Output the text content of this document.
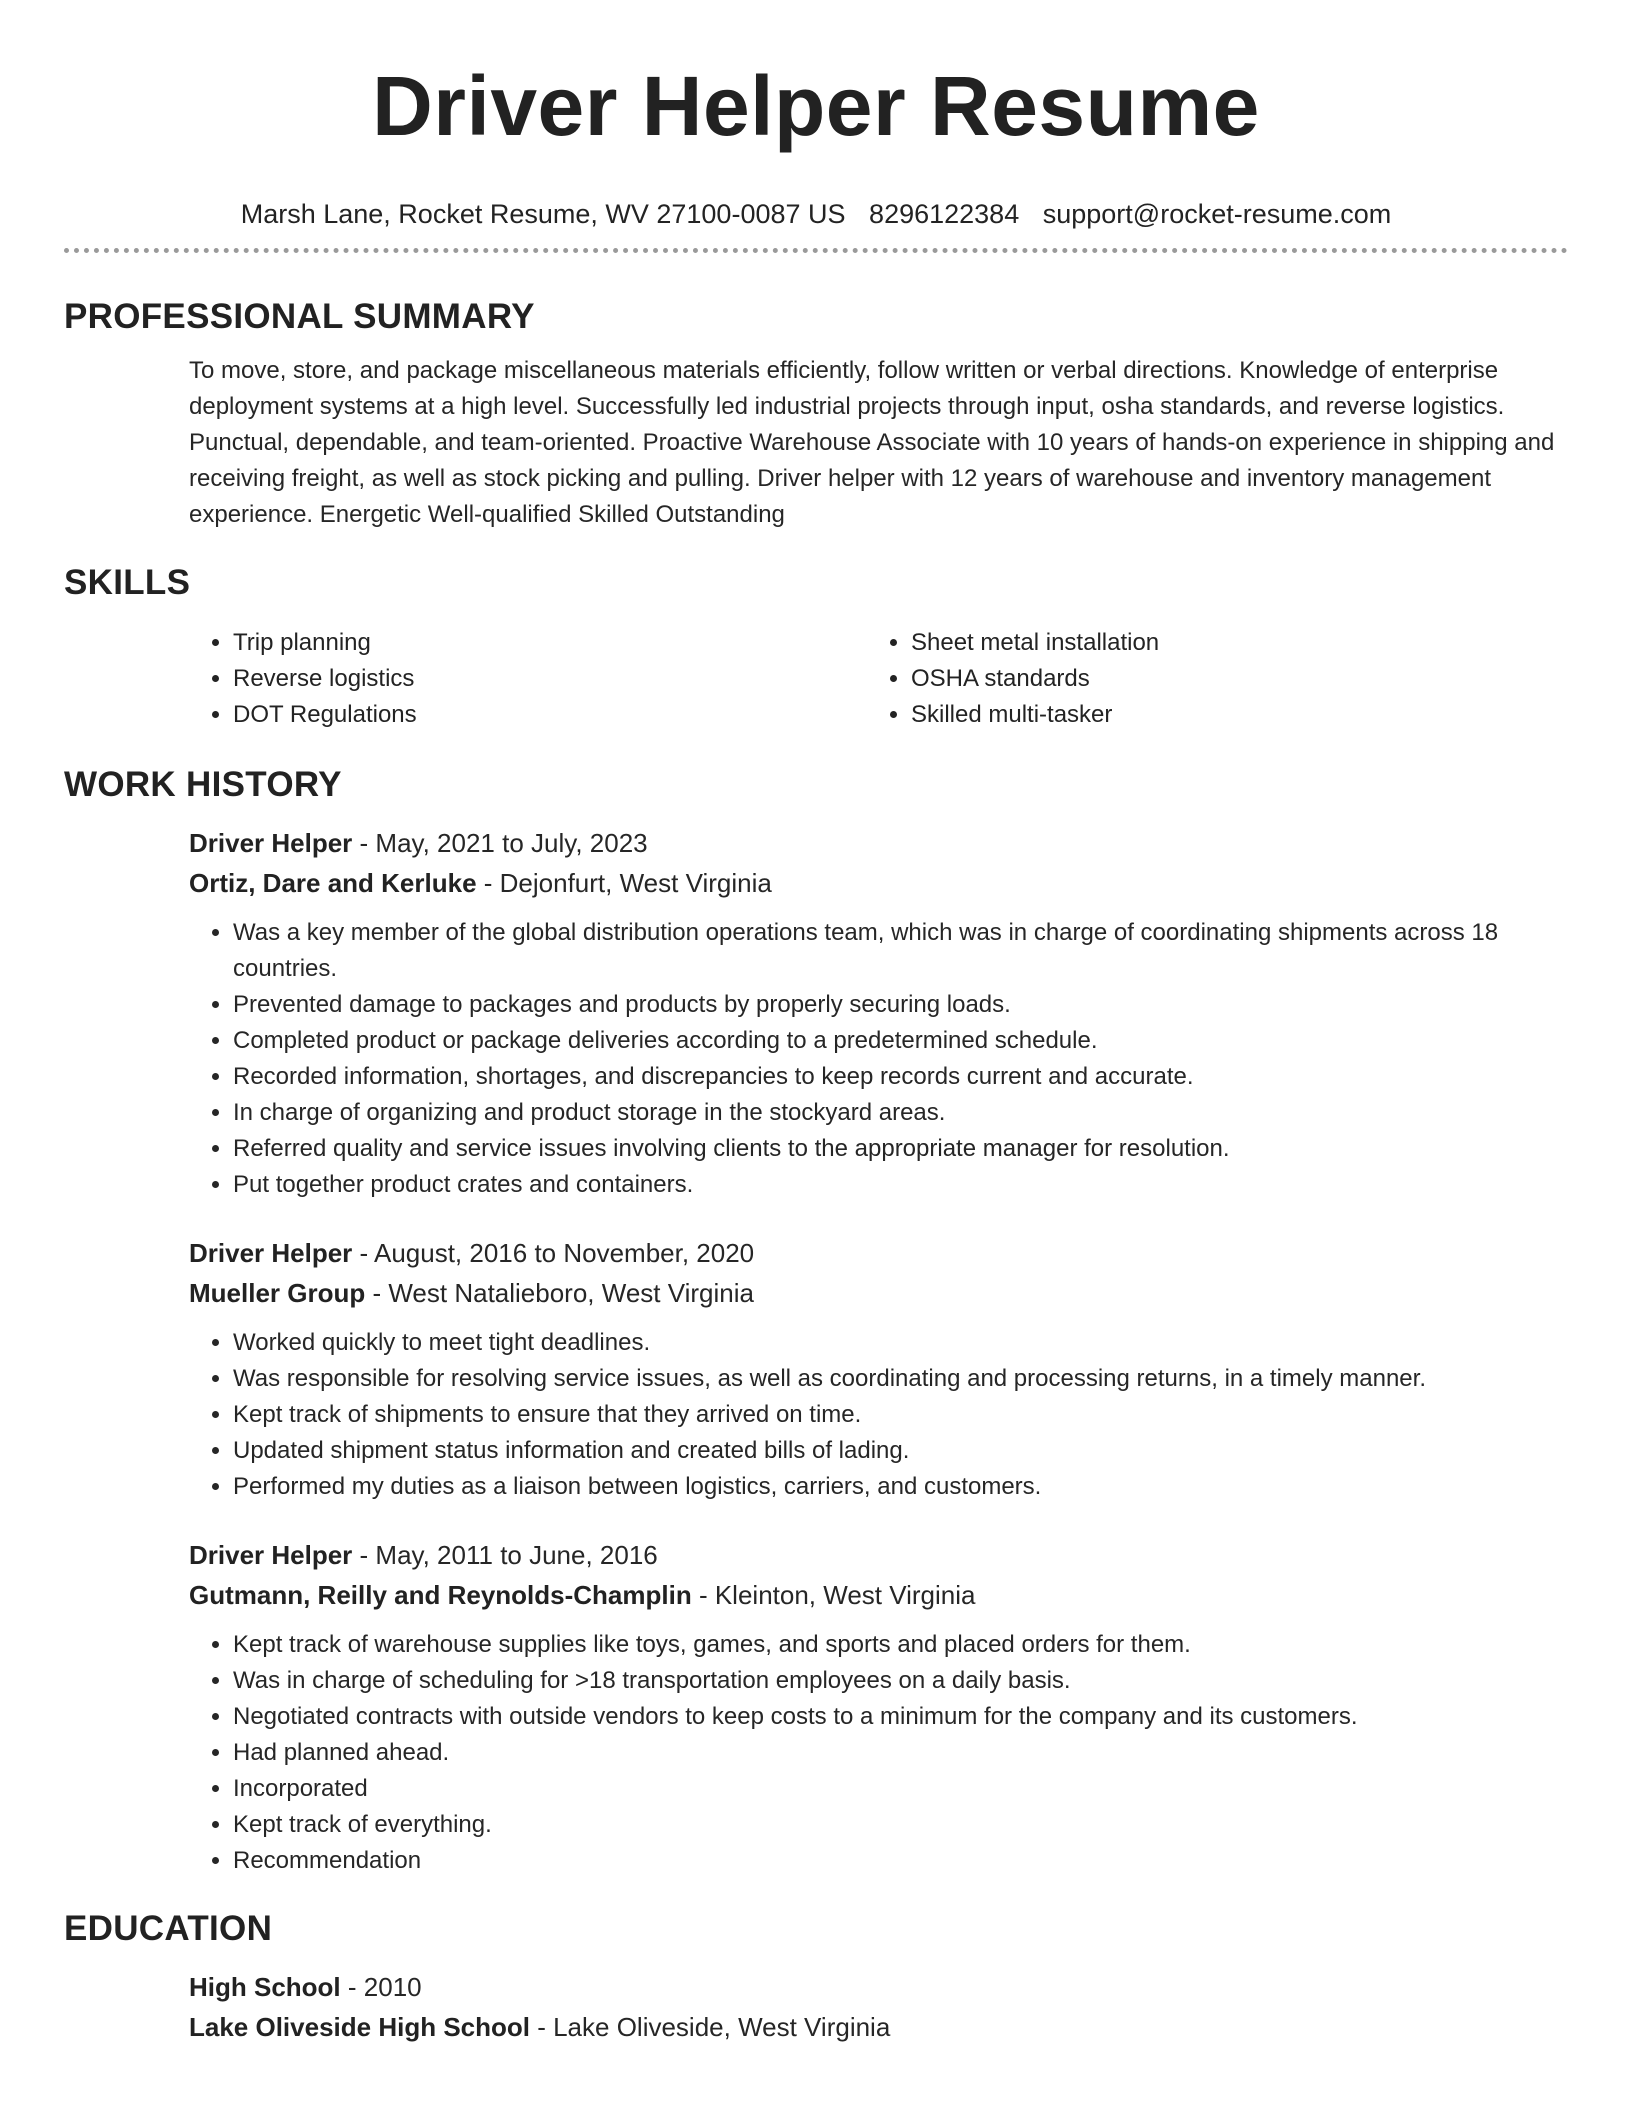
Driver Helper Resume
Marsh Lane, Rocket Resume, WV 27100-0087 US 8296122384 support@rocket-resume.com
PROFESSIONAL SUMMARY

To move, store, and package miscellaneous materials efficiently, follow written or verbal directions. Knowledge of enterprise deployment systems at a high level. Successfully led industrial projects through input, osha standards, and reverse logistics. Punctual, dependable, and team-oriented. Proactive Warehouse Associate with 10 years of hands-on experience in shipping and receiving freight, as well as stock picking and pulling. Driver helper with 12 years of warehouse and inventory management experience. Energetic Well-qualified Skilled Outstanding

SKILLS
• Trip planning
• Reverse logistics
• DOT Regulations
• Sheet metal installation
• OSHA standards
• Skilled multi-tasker
WORK HISTORY
Driver Helper - May, 2021 to July, 2023
Ortiz, Dare and Kerluke - Dejonfurt, West Virginia
• Was a key member of the global distribution operations team, which was in charge of coordinating shipments across 18 countries.
• Prevented damage to packages and products by properly securing loads.
• Completed product or package deliveries according to a predetermined schedule.
• Recorded information, shortages, and discrepancies to keep records current and accurate.
• In charge of organizing and product storage in the stockyard areas.
• Referred quality and service issues involving clients to the appropriate manager for resolution.
• Put together product crates and containers.
Driver Helper - August, 2016 to November, 2020
Mueller Group - West Natalieboro, West Virginia
• Worked quickly to meet tight deadlines.
• Was responsible for resolving service issues, as well as coordinating and processing returns, in a timely manner.
• Kept track of shipments to ensure that they arrived on time.
• Updated shipment status information and created bills of lading.
• Performed my duties as a liaison between logistics, carriers, and customers.
Driver Helper - May, 2011 to June, 2016
Gutmann, Reilly and Reynolds-Champlin - Kleinton, West Virginia
• Kept track of warehouse supplies like toys, games, and sports and placed orders for them.
• Was in charge of scheduling for >18 transportation employees on a daily basis.
• Negotiated contracts with outside vendors to keep costs to a minimum for the company and its customers.
• Had planned ahead.
• Incorporated
• Kept track of everything.
• Recommendation
EDUCATION
High School - 2010
Lake Oliveside High School - Lake Oliveside, West Virginia
